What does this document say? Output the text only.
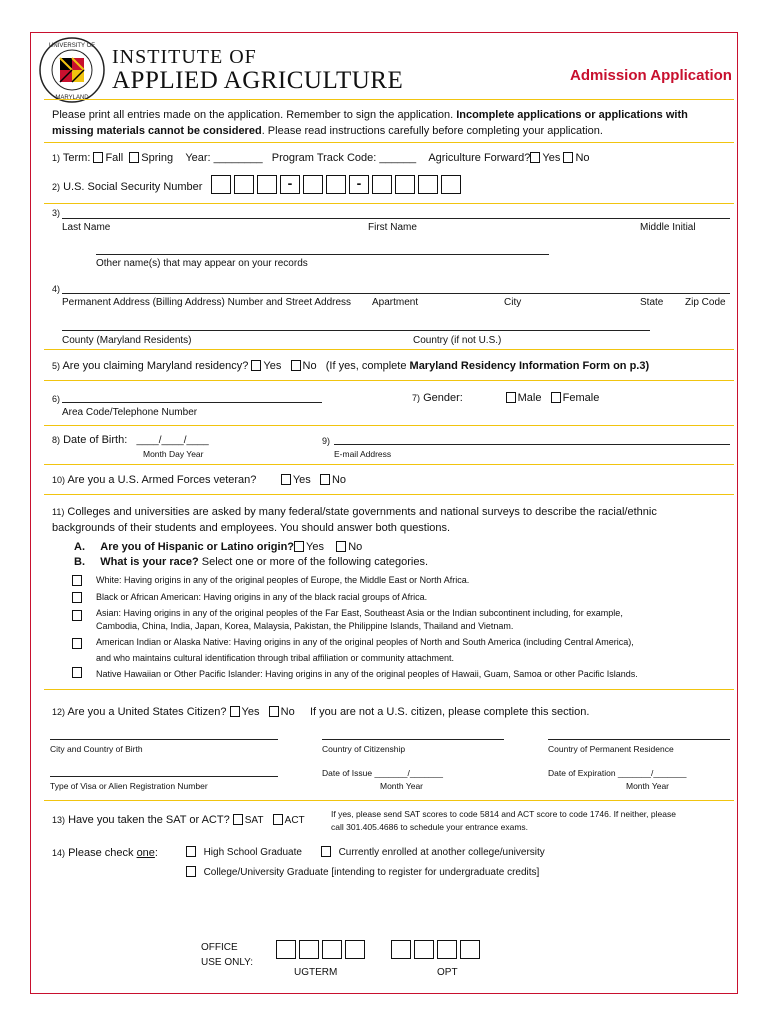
UNIVERSITY OF
MARYLAND
INSTITUTE OF
APPLIED AGRICULTURE	Admission Application
Please print all entries made on the application. Remember to sign the application. Incomplete applications or applications with missing materials cannot be considered. Please read instructions carefully before completing your application.
1) Term: Fall Spring Year: ________ Program Track Code: ______ Agriculture Forward? Yes No
2) U.S. Social Security Number	-	-
3)
Last Name	First Name	Middle Initial
Other name(s) that may appear on your records
4)
Permanent Address (Billing Address) Number and Street Address Apartment	City	State Zip Code
County (Maryland Residents)	Country (if not U.S.)
5) Are you claiming Maryland residency? Yes No (If yes, complete Maryland Residency Information Form on p.3)
6)
Area Code/Telephone Number
7) Gender:	Male Female
8) Date of Birth: ____/____/____
Month Day Year
9)
E-mail Address
10) Are you a U.S. Armed Forces veteran?	Yes No
11) Colleges and universities are asked by many federal/state governments and national surveys to describe the racial/ethnic
backgrounds of their students and employees. You should answer both questions.
A. Are you of Hispanic or Latino origin? Yes No
B. What is your race? Select one or more of the following categories.
White: Having origins in any of the original peoples of Europe, the Middle East or North Africa.
Black or African American: Having origins in any of the black racial groups of Africa.
Asian: Having origins in any of the original peoples of the Far East, Southeast Asia or the Indian subcontinent including, for example,
Cambodia, China, India, Japan, Korea, Malaysia, Pakistan, the Philippine Islands, Thailand and Vietnam.
American Indian or Alaska Native: Having origins in any of the original peoples of North and South America (including Central America),
and who maintains cultural identification through tribal affiliation or community attachment.
Native Hawaiian or Other Pacific Islander: Having origins in any of the original peoples of Hawaii, Guam, Samoa or other Pacific Islands.
12) Are you a United States Citizen? Yes No If you are not a U.S. citizen, please complete this section.
City and Country of Birth	Country of Citizenship	Country of Permanent Residence
Type of Visa or Alien Registration Number
Date of Issue _______/_______
Month Year
Date of Expiration _______/_______
Month Year
13) Have you taken the SAT or ACT? SAT ACT
If yes, please send SAT scores to code 5814 and ACT score to code 1746. If neither, please
call 301.405.4686 to schedule your entrance exams.
14) Please check one:	High School Graduate	Currently enrolled at another college/university
College/University Graduate [intending to register for undergraduate credits]
OFFICE
USE ONLY:
UGTERM	OPT
